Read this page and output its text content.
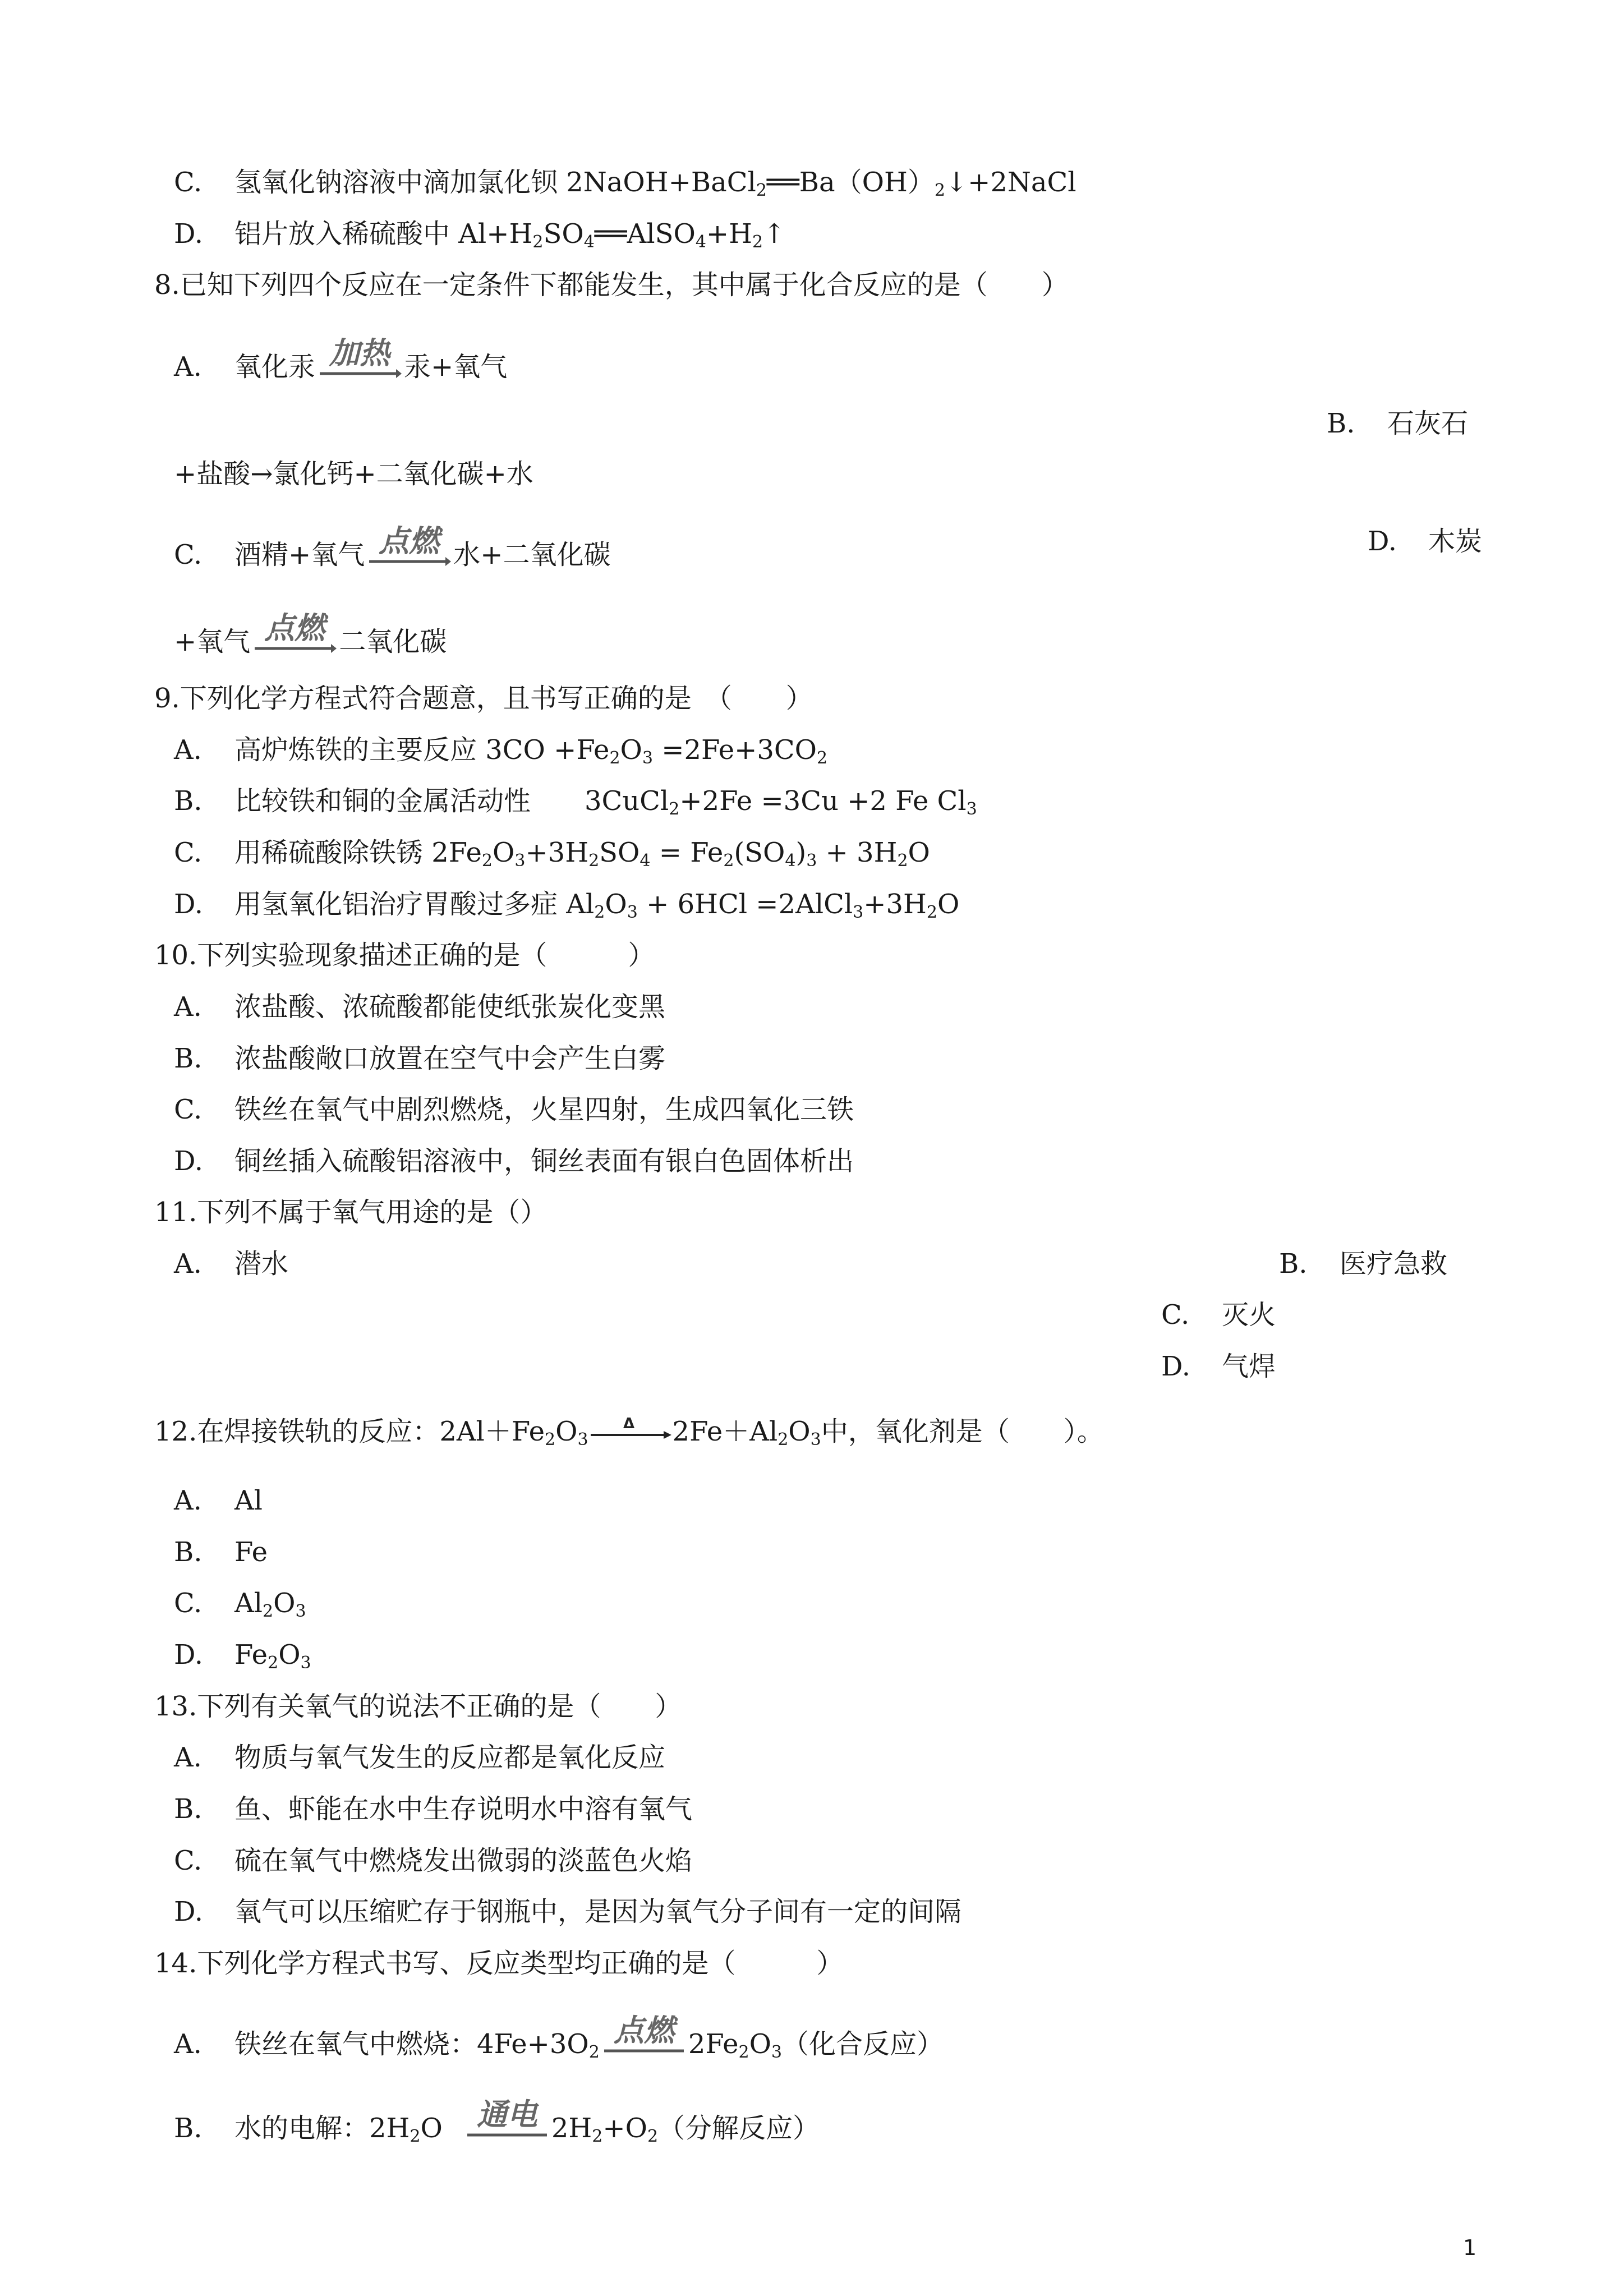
C. 氢氧化钠溶液中滴加氯化钡 $2NaOH+BaCl_2══Ba(OH)_2↓+2NaCl$
D. 铝片放入稀硫酸中 $Al+H_2SO_4══AlSO_4+H_2↑$
8.已知下列四个反应在一定条件下都能发生，其中属于化合反应的是（　　）
A. 氧化汞 加热 汞+氧气
B. 石灰石
+盐酸→氯化钙+二氧化碳+水
C. 酒精+氧气 点燃 水+二氧化碳	D. 木炭
+氧气 点燃 二氧化碳
9.下列化学方程式符合题意，且书写正确的是　（　　）
A. 高炉炼铁的主要反应 $3CO +Fe_2O_3 =2Fe+3CO_2$
B. 比较铁和铜的金属活动性　　3CuCl$_2$+2Fe =3Cu +2 Fe $Cl_3$
C. 用稀硫酸除铁锈 $2Fe_2O_3+3H_2SO_4 = Fe_2(SO_4)_3 + 3H_2O$
D. 用氢氧化铝治疗胃酸过多症 $Al_2O_3 + 6HCl$ $=2AlCl_3+3H_2O$
10.下列实验现象描述正确的是（　　　）
A. 浓盐酸、浓硫酸都能使纸张炭化变黑
B. 浓盐酸敞口放置在空气中会产生白雾
C. 铁丝在氧气中剧烈燃烧，火星四射，生成四氧化三铁
D. 铜丝插入硫酸铝溶液中，铜丝表面有银白色固体析出
11.下列不属于氧气用途的是（）
A. 潜水	B. 医疗急救
C. 灭火
D. 气焊
12.在焊接铁轨的反应：$2Al+Fe_2O_3$
Δ $2Fe+Al_2O_3$中，氧化剂是（　　）。
A. Al
B. Fe
C. $Al_2O_3$
D. $Fe_2O_3$
13.下列有关氧气的说法不正确的是（　　）
A. 物质与氧气发生的反应都是氧化反应
B. 鱼、虾能在水中生存说明水中溶有氧气
C. 硫在氧气中燃烧发出微弱的淡蓝色火焰
D. 氧气可以压缩贮存于钢瓶中，是因为氧气分子间有一定的间隔
14.下列化学方程式书写、反应类型均正确的是（　　　）
A. 铁丝在氧气中燃烧：$4Fe+3O_2$
点燃 $2Fe_2O_3$（化合反应）
B. 水的电解：$2H_2O$ 通电 $2H_2+O_2$（分解反应）
1
